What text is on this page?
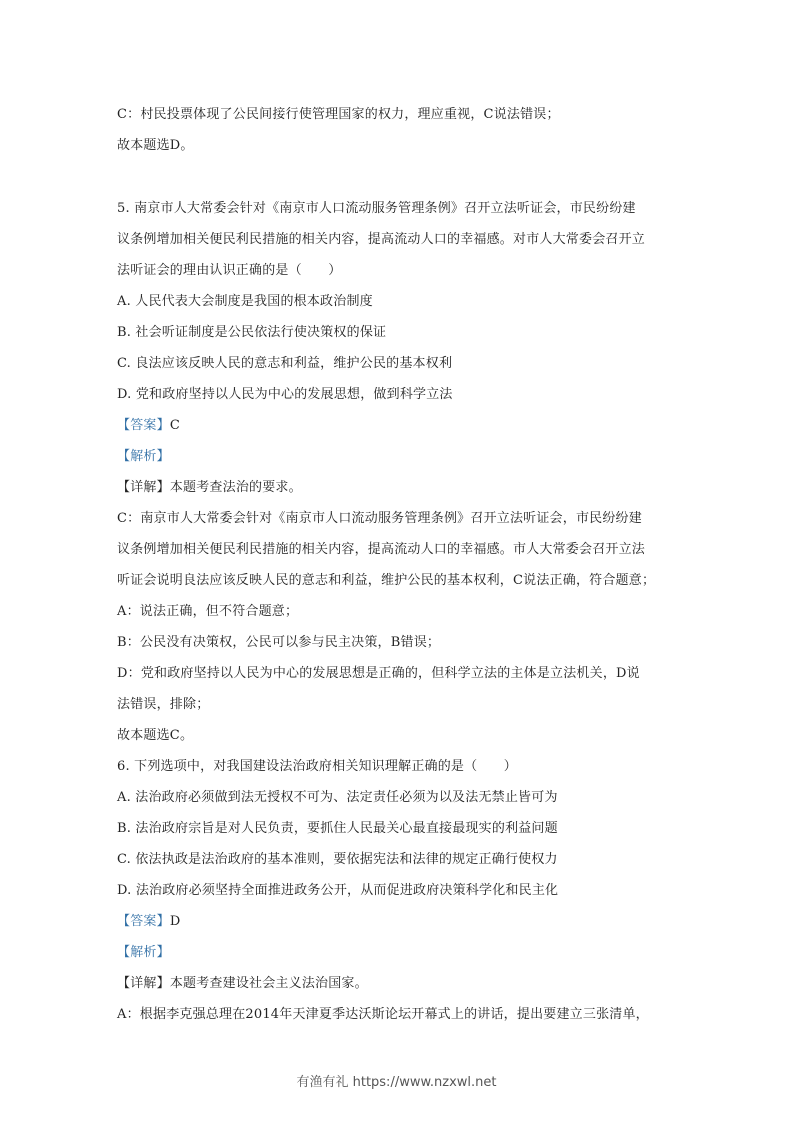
C：村民投票体现了公民间接行使管理国家的权力，理应重视，C说法错误；
故本题选D。
5. 南京市人大常委会针对《南京市人口流动服务管理条例》召开立法听证会，市民纷纷建
议条例增加相关便民利民措施的相关内容，提高流动人口的幸福感。对市人大常委会召开立
法听证会的理由认识正确的是（　　）
A. 人民代表大会制度是我国的根本政治制度
B. 社会听证制度是公民依法行使决策权的保证
C. 良法应该反映人民的意志和利益，维护公民的基本权利
D. 党和政府坚持以人民为中心的发展思想，做到科学立法
【答案】C
【解析】
【详解】本题考查法治的要求。
C：南京市人大常委会针对《南京市人口流动服务管理条例》召开立法听证会，市民纷纷建
议条例增加相关便民利民措施的相关内容，提高流动人口的幸福感。市人大常委会召开立法
听证会说明良法应该反映人民的意志和利益，维护公民的基本权利，C说法正确，符合题意；
A：说法正确，但不符合题意；
B：公民没有决策权，公民可以参与民主决策，B错误；
D：党和政府坚持以人民为中心的发展思想是正确的，但科学立法的主体是立法机关，D说
法错误，排除；
故本题选C。
6. 下列选项中，对我国建设法治政府相关知识理解正确的是（　　）
A. 法治政府必须做到法无授权不可为、法定责任必须为以及法无禁止皆可为
B. 法治政府宗旨是对人民负责，要抓住人民最关心最直接最现实的利益问题
C. 依法执政是法治政府的基本准则，要依据宪法和法律的规定正确行使权力
D. 法治政府必须坚持全面推进政务公开，从而促进政府决策科学化和民主化
【答案】D
【解析】
【详解】本题考查建设社会主义法治国家。
A：根据李克强总理在2014年天津夏季达沃斯论坛开幕式上的讲话，提出要建立三张清单，
有渔有礼 https://www.nzxwl.net
